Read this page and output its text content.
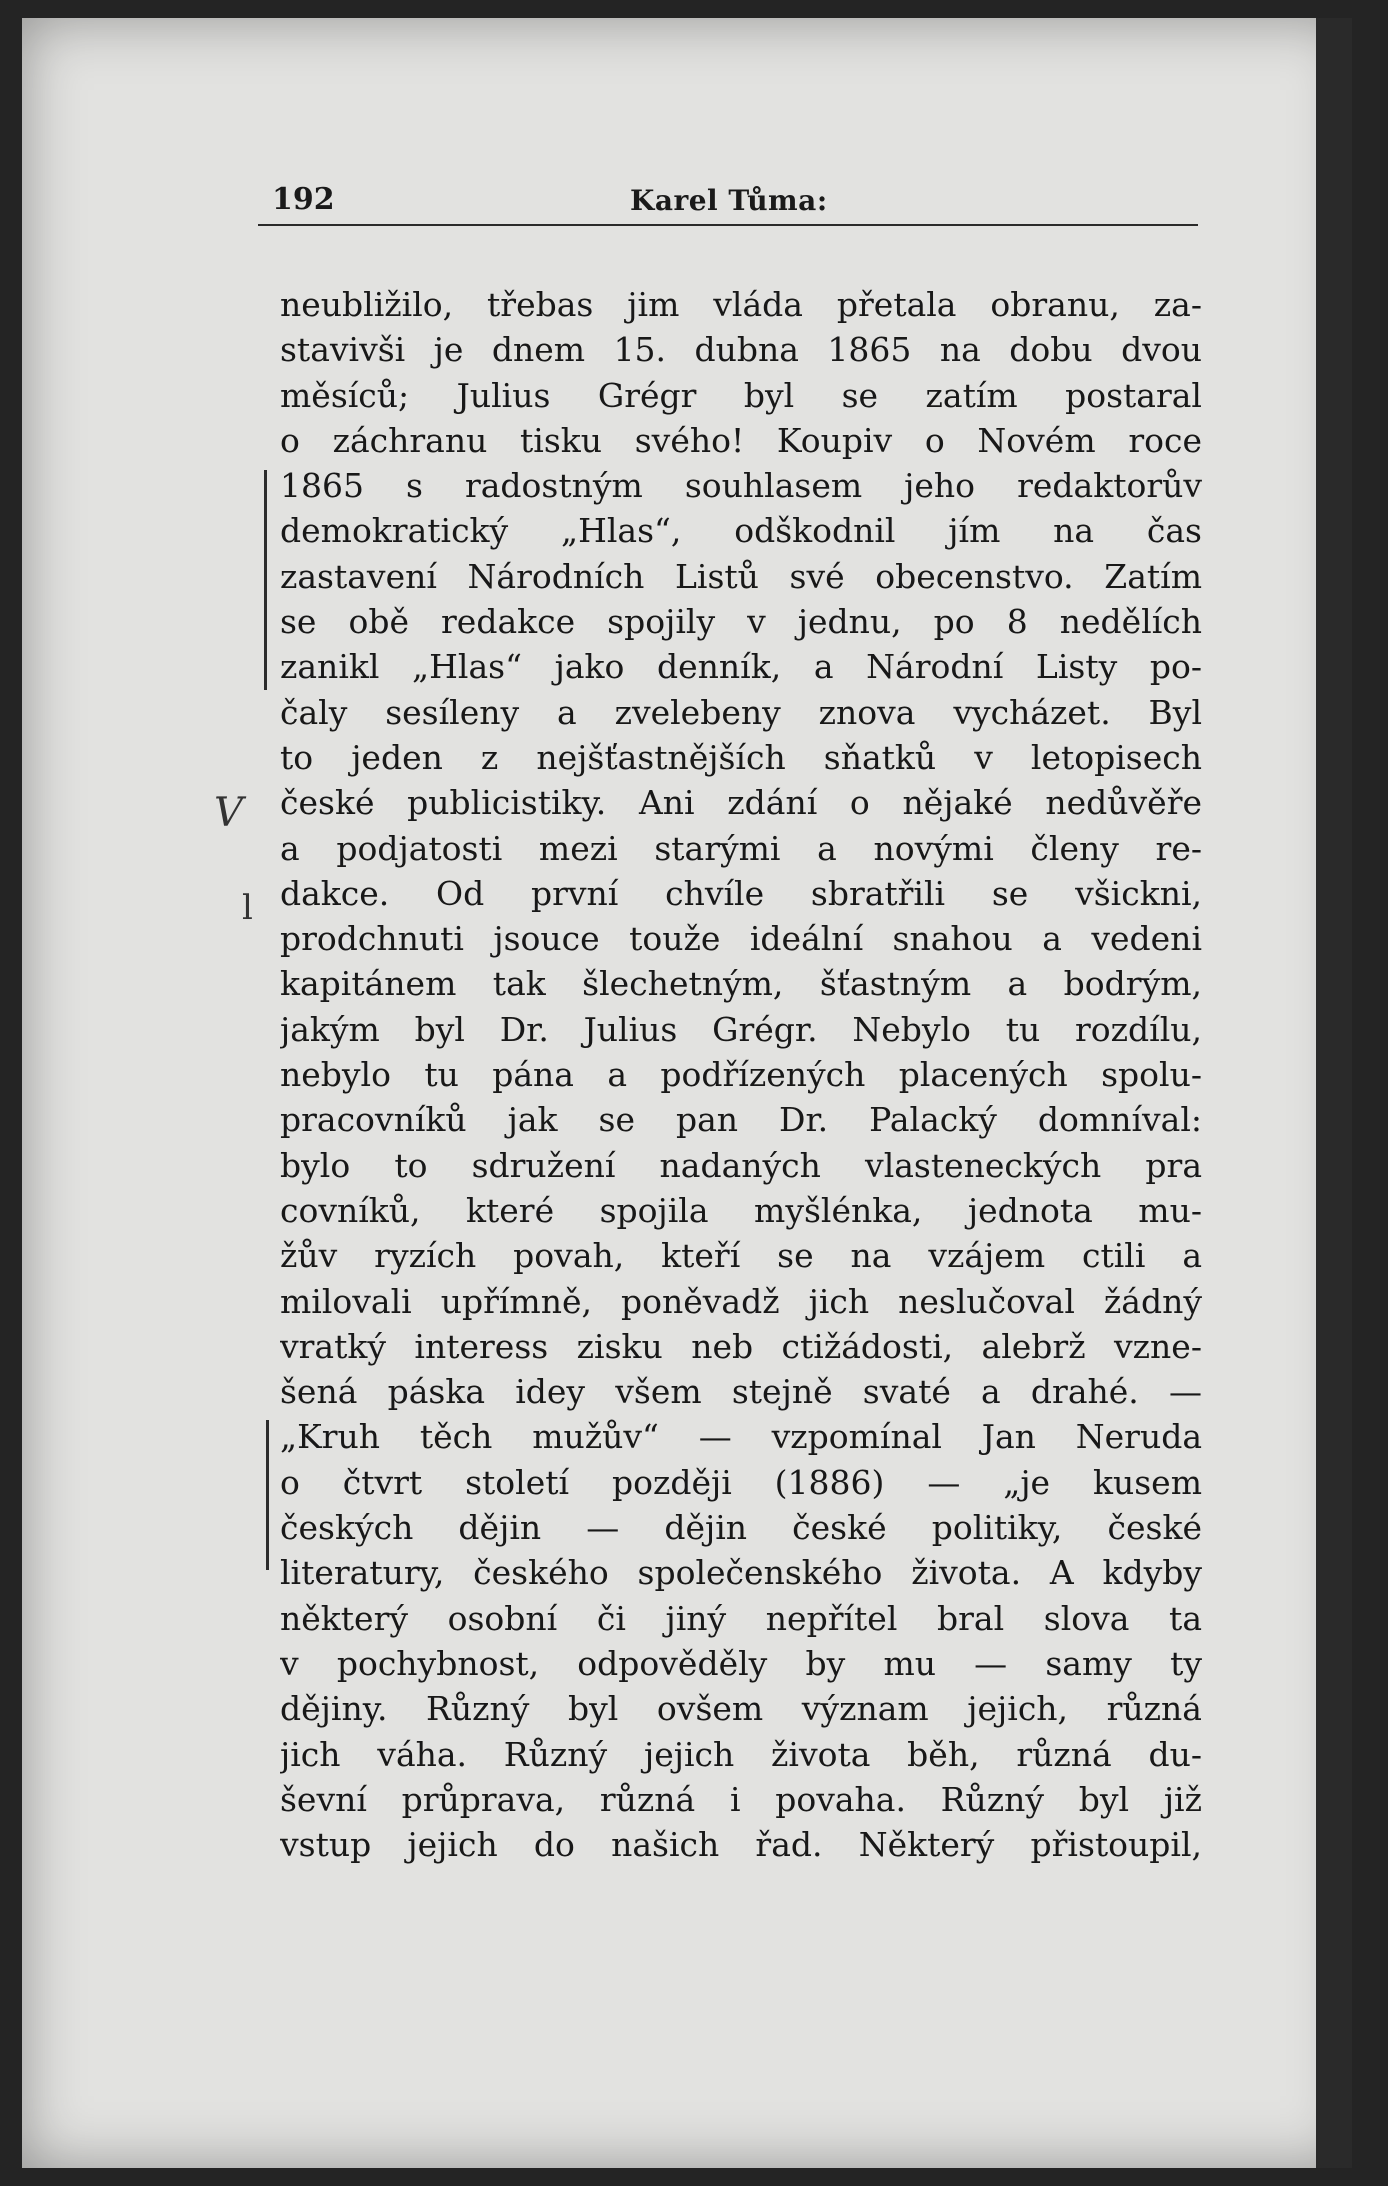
192	Karel Tůma:
V
l
neubližilo, třebas jim vláda přetala obranu, za-
stavivši je dnem 15. dubna 1865 na dobu dvou
měsíců; Julius Grégr byl se zatím postaral
o záchranu tisku svého! Koupiv o Novém roce
1865 s radostným souhlasem jeho redaktorův
demokratický „Hlas“, odškodnil jím na čas
zastavení Národních Listů své obecenstvo. Zatím
se obě redakce spojily v jednu, po 8 nedělích
zanikl „Hlas“ jako denník, a Národní Listy po-
čaly sesíleny a zvelebeny znova vycházet. Byl
to jeden z nejšťastnějších sňatků v letopisech
české publicistiky. Ani zdání o nějaké nedůvěře
a podjatosti mezi starými a novými členy re-
dakce. Od první chvíle sbratřili se všickni,
prodchnuti jsouce touže ideální snahou a vedeni
kapitánem tak šlechetným, šťastným a bodrým,
jakým byl Dr. Julius Grégr. Nebylo tu rozdílu,
nebylo tu pána a podřízených placených spolu-
pracovníků jak se pan Dr. Palacký domníval:
bylo to sdružení nadaných vlasteneckých pra
covníků, které spojila myšlénka, jednota mu-
žův ryzích povah, kteří se na vzájem ctili a
milovali upřímně, poněvadž jich neslučoval žádný
vratký interess zisku neb ctižádosti, alebrž vzne-
šená páska idey všem stejně svaté a drahé. —
„Kruh těch mužův“ — vzpomínal Jan Neruda
o čtvrt století později (1886) — „je kusem
českých dějin — dějin české politiky, české
literatury, českého společenského života. A kdyby
některý osobní či jiný nepřítel bral slova ta
v pochybnost, odpověděly by mu — samy ty
dějiny. Různý byl ovšem význam jejich, různá
jich váha. Různý jejich života běh, různá du-
ševní průprava, různá i povaha. Různý byl již
vstup jejich do našich řad. Některý přistoupil,
